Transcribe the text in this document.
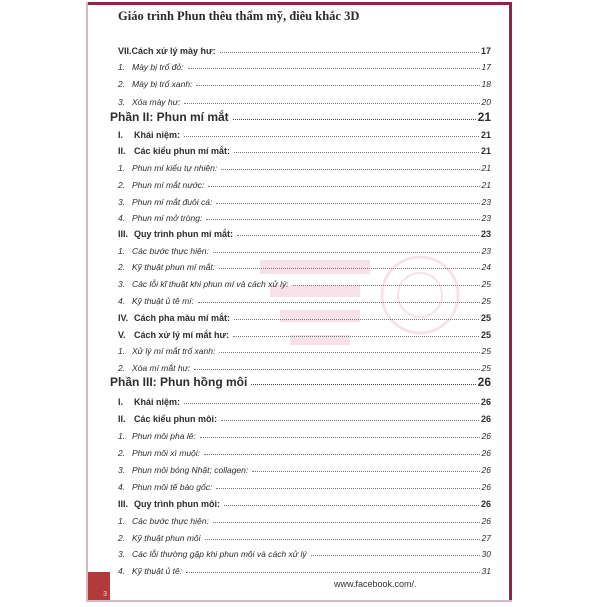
Giáo trình Phun thêu thẩm mỹ, điêu khắc 3D
VII.Cách xử lý mày hư:	17
1. Mày bị trổ đỏ:	17
2. Mày bị trổ xanh:	18
3. Xóa mày hư:	20
Phần II: Phun mí mắt	21
I. Khái niệm:	21
II. Các kiểu phun mí mắt:	21
1. Phun mí kiểu tự nhiên:	21
2. Phun mí mắt nước:	21
3. Phun mí mắt đuôi cá:	23
4. Phun mí mở tròng:	23
III. Quy trình phun mí mắt:	23
1. Các bước thực hiện:	23
2. Kỹ thuật phun mí mắt:	24
3. Các lỗi kĩ thuật khi phun mí và cách xử lý:	25
4. Kỹ thuật ủ tê mí:	25
IV. Cách pha màu mí mắt:	25
V. Cách xử lý mí mắt hư:	25
1. Xử lý mí mắt trổ xanh:	25
2. Xóa mí mắt hư:	25
Phần III: Phun hồng môi	26
I. Khái niệm:	26
II. Các kiểu phun môi:	26
1. Phun môi pha lê:	26
2. Phun môi xì muội:	26
3. Phun môi bóng Nhật; collagen:	26
4. Phun môi tế bào gốc:	26
III. Quy trình phun môi:	26
1. Các bước thực hiện:	26
2. Kỹ thuật phun môi	27
3. Các lỗi thường gặp khi phun môi và cách xử lý	30
4. Kỹ thuật ủ tê:	31
3
www.facebook.com/.
